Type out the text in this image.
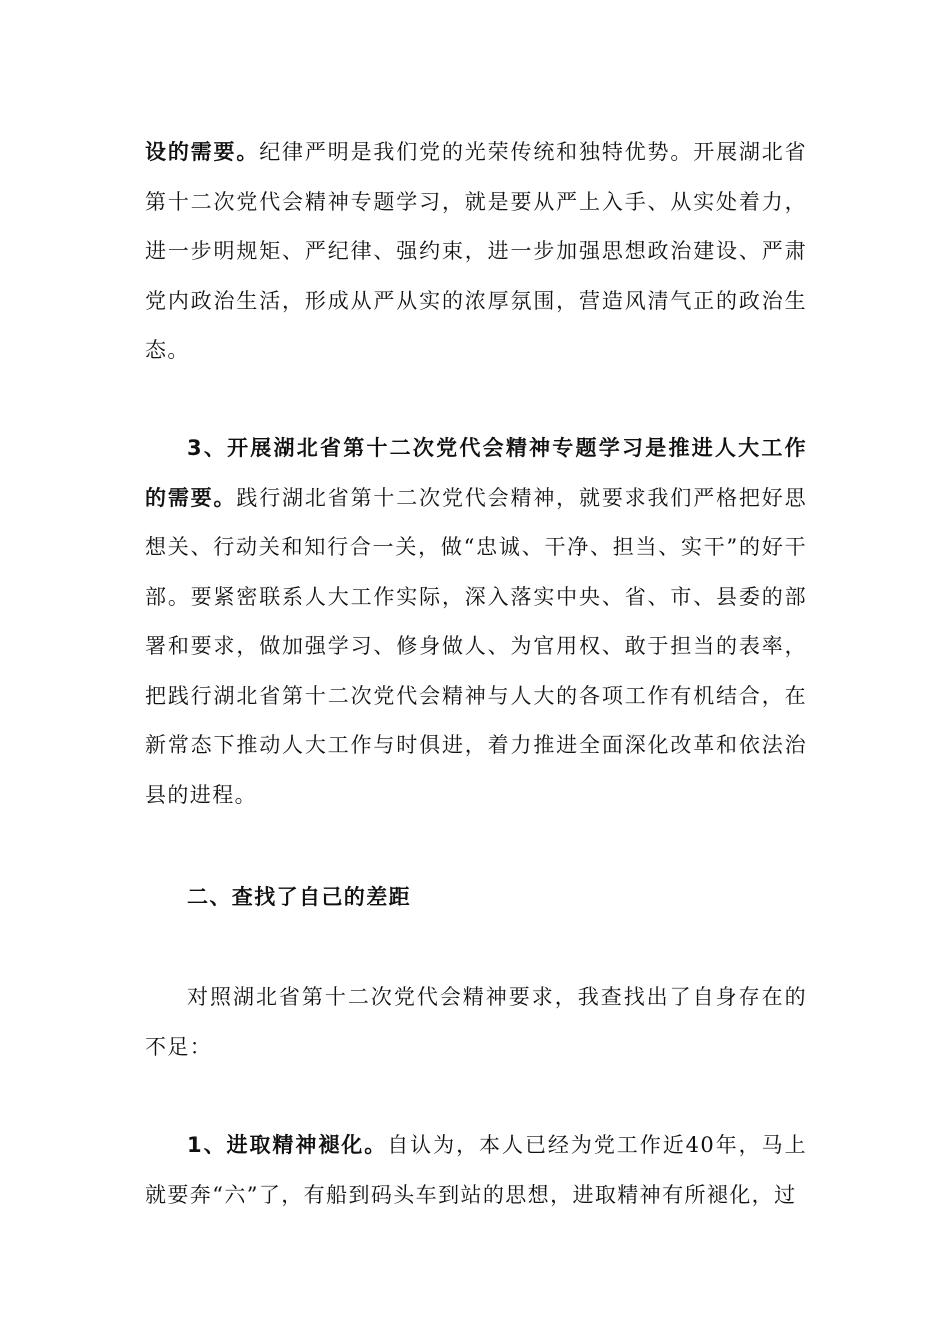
设的需要。纪律严明是我们党的光荣传统和独特优势。开展湖北省第十二次党代会精神专题学习，就是要从严上入手、从实处着力，进一步明规矩、严纪律、强约束，进一步加强思想政治建设、严肃党内政治生活，形成从严从实的浓厚氛围，营造风清气正的政治生态。

3、开展湖北省第十二次党代会精神专题学习是推进人大工作的需要。践行湖北省第十二次党代会精神，就要求我们严格把好思想关、行动关和知行合一关，做“忠诚、干净、担当、实干”的好干部。要紧密联系人大工作实际，深入落实中央、省、市、县委的部署和要求，做加强学习、修身做人、为官用权、敢于担当的表率，把践行湖北省第十二次党代会精神与人大的各项工作有机结合，在新常态下推动人大工作与时俱进，着力推进全面深化改革和依法治县的进程。

二、查找了自己的差距

对照湖北省第十二次党代会精神要求，我查找出了自身存在的不足：

1、进取精神褪化。自认为，本人已经为党工作近40年，马上就要奔“六”了，有船到码头车到站的思想，进取精神有所褪化，过
